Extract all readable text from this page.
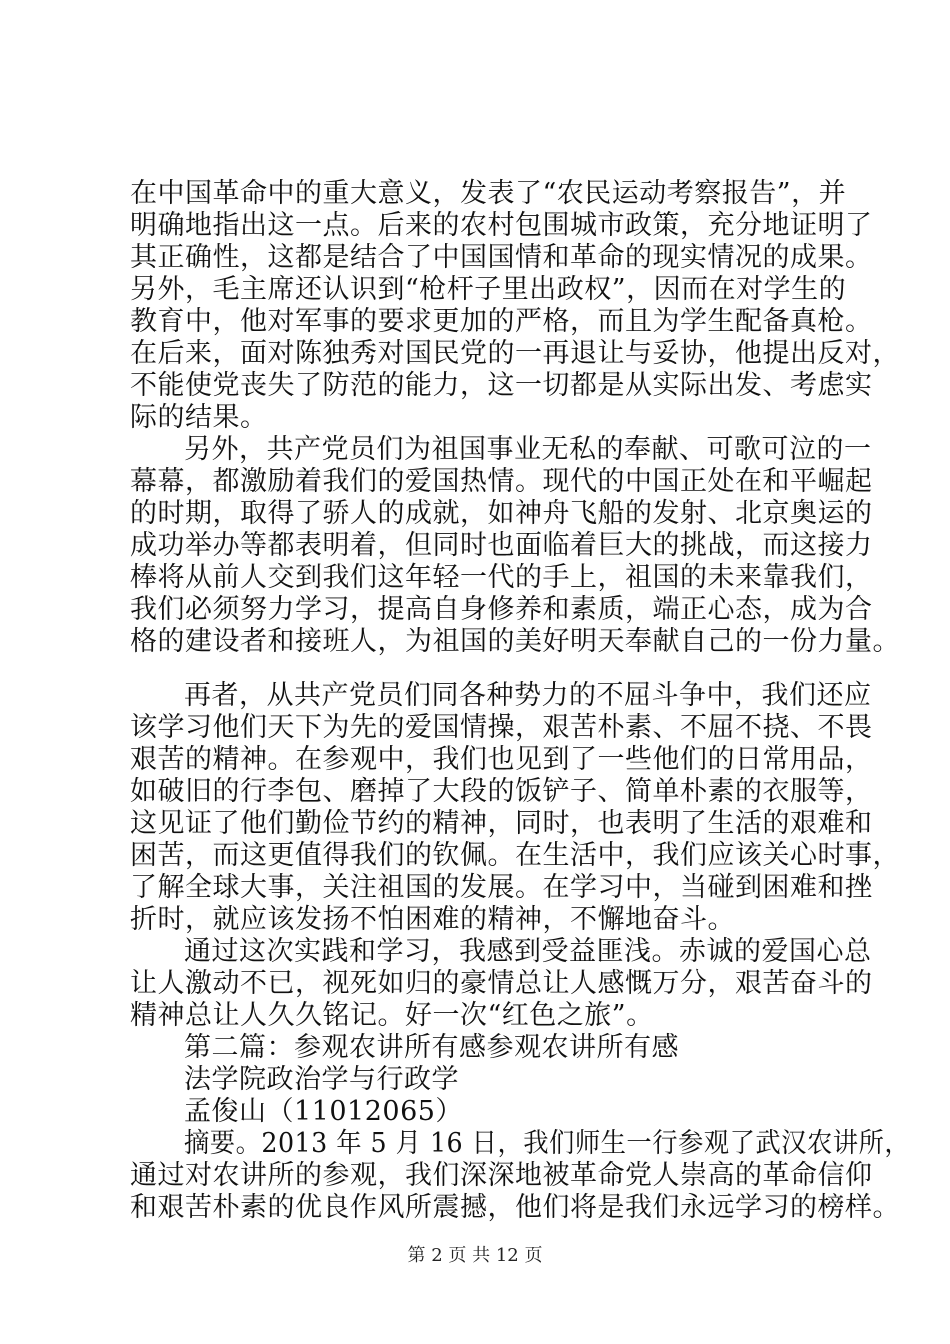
在中国革命中的重大意义，发表了“农民运动考察报告”，并
明确地指出这一点。后来的农村包围城市政策，充分地证明了
其正确性，这都是结合了中国国情和革命的现实情况的成果。
另外，毛主席还认识到“枪杆子里出政权”，因而在对学生的
教育中，他对军事的要求更加的严格，而且为学生配备真枪。
在后来，面对陈独秀对国民党的一再退让与妥协，他提出反对，
不能使党丧失了防范的能力，这一切都是从实际出发、考虑实
际的结果。
另外，共产党员们为祖国事业无私的奉献、可歌可泣的一
幕幕，都激励着我们的爱国热情。现代的中国正处在和平崛起
的时期，取得了骄人的成就，如神舟飞船的发射、北京奥运的
成功举办等都表明着，但同时也面临着巨大的挑战，而这接力
棒将从前人交到我们这年轻一代的手上，祖国的未来靠我们，
我们必须努力学习，提高自身修养和素质，端正心态，成为合
格的建设者和接班人，为祖国的美好明天奉献自己的一份力量。
再者，从共产党员们同各种势力的不屈斗争中，我们还应
该学习他们天下为先的爱国情操，艰苦朴素、不屈不挠、不畏
艰苦的精神。在参观中，我们也见到了一些他们的日常用品，
如破旧的行李包、磨掉了大段的饭铲子、简单朴素的衣服等，
这见证了他们勤俭节约的精神，同时，也表明了生活的艰难和
困苦，而这更值得我们的钦佩。在生活中，我们应该关心时事，
了解全球大事，关注祖国的发展。在学习中，当碰到困难和挫
折时，就应该发扬不怕困难的精神，不懈地奋斗。
通过这次实践和学习，我感到受益匪浅。赤诚的爱国心总
让人激动不已，视死如归的豪情总让人感慨万分，艰苦奋斗的
精神总让人久久铭记。好一次“红色之旅”。
第二篇：参观农讲所有感参观农讲所有感
法学院政治学与行政学
孟俊山（11012065）
摘要。2013 年 5 月 16 日，我们师生一行参观了武汉农讲所，
通过对农讲所的参观，我们深深地被革命党人崇高的革命信仰
和艰苦朴素的优良作风所震撼，他们将是我们永远学习的榜样。
第 2 页 共 12 页
